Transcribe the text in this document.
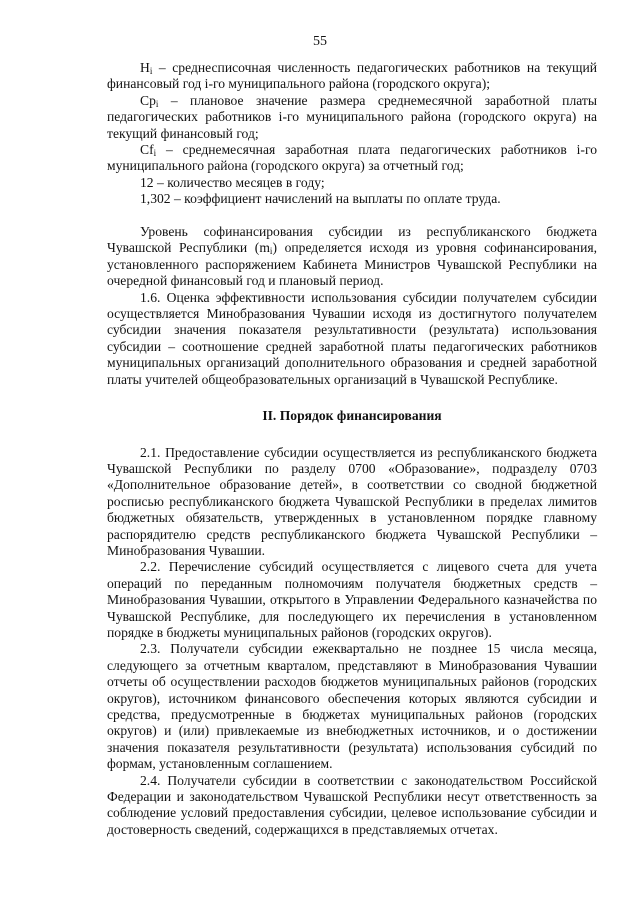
55

$Н_i$ – среднесписочная численность педагогических работников на текущий финансовый год i-го муниципального района (городского округа);

$Ср_i$ – плановое значение размера среднемесячной заработной платы педагогических работников i-го муниципального района (городского округа) на текущий финансовый год;

$Сf_i$ – среднемесячная заработная плата педагогических работников i-го муниципального района (городского округа) за отчетный год;

12 – количество месяцев в году;

1,302 – коэффициент начислений на выплаты по оплате труда.

Уровень софинансирования субсидии из республиканского бюджета Чувашской Республики $(m_i)$ определяется исходя из уровня софинансирования, установленного распоряжением Кабинета Министров Чувашской Республики на очередной финансовый год и плановый период.

1.6. Оценка эффективности использования субсидии получателем субсидии осуществляется Минобразования Чувашии исходя из достигнутого получателем субсидии значения показателя результативности (результата) использования субсидии – соотношение средней заработной платы педагогических работников муниципальных организаций дополнительного образования и средней заработной платы учителей общеобразовательных организаций в Чувашской Республике.

II. Порядок финансирования

2.1. Предоставление субсидии осуществляется из республиканского бюджета Чувашской Республики по разделу 0700 «Образование», подразделу 0703 «Дополнительное образование детей», в соответствии со сводной бюджетной росписью республиканского бюджета Чувашской Республики в пределах лимитов бюджетных обязательств, утвержденных в установленном порядке главному распорядителю средств республиканского бюджета Чувашской Республики – Минобразования Чувашии.

2.2. Перечисление субсидий осуществляется с лицевого счета для учета операций по переданным полномочиям получателя бюджетных средств – Минобразования Чувашии, открытого в Управлении Федерального казначейства по Чувашской Республике, для последующего их перечисления в установленном порядке в бюджеты муниципальных районов (городских округов).

2.3. Получатели субсидии ежеквартально не позднее 15 числа месяца, следующего за отчетным кварталом, представляют в Минобразования Чувашии отчеты об осуществлении расходов бюджетов муниципальных районов (городских округов), источником финансового обеспечения которых являются субсидии и средства, предусмотренные в бюджетах муниципальных районов (городских округов) и (или) привлекаемые из внебюджетных источников, и о достижении значения показателя результативности (результата) использования субсидий по формам, установленным соглашением.

2.4. Получатели субсидии в соответствии с законодательством Российской Федерации и законодательством Чувашской Республики несут ответственность за соблюдение условий предоставления субсидии, целевое использование субсидии и достоверность сведений, содержащихся в представляемых отчетах.
